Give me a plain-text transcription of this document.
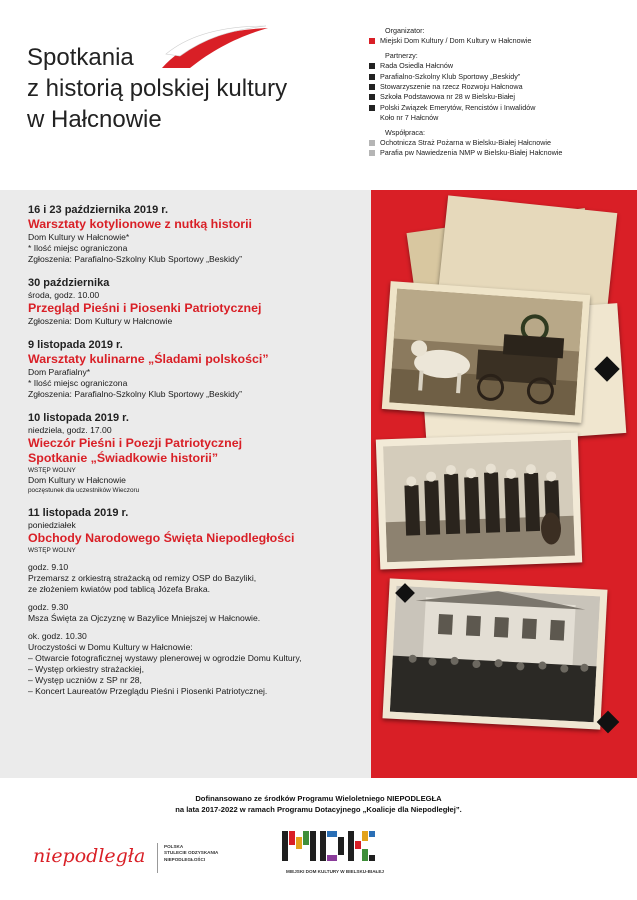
Spotkania
z historią polskiej kultury
w Hałcnowie
Organizator:
Miejski Dom Kultury / Dom Kultury w Hałcnowie
Partnerzy:
Rada Osiedla Hałcnów
Parafialno-Szkolny Klub Sportowy „Beskidy”
Stowarzyszenie na rzecz Rozwoju Hałcnowa
Szkoła Podstawowa nr 28 w Bielsku-Białej
Polski Związek Emerytów, Rencistów i Inwalidów
Koło nr 7 Hałcnów
Współpraca:
Ochotnicza Straż Pożarna w Bielsku-Białej Hałcnowie
Parafia pw Nawiedzenia NMP w Bielsku-Białej Hałcnowie
16 i 23 października 2019 r.
Warsztaty kotylionowe z nutką historii
Dom Kultury w Hałcnowie*
* Ilość miejsc ograniczona
Zgłoszenia: Parafialno-Szkolny Klub Sportowy „Beskidy”
30 października
środa, godz. 10.00
Przegląd Pieśni i Piosenki Patriotycznej
Zgłoszenia: Dom Kultury w Hałcnowie
9 listopada 2019 r.
Warsztaty kulinarne „Śladami polskości”
Dom Parafialny*
* Ilość miejsc ograniczona
Zgłoszenia: Parafialno-Szkolny Klub Sportowy „Beskidy”
10 listopada 2019 r.
niedziela, godz. 17.00
Wieczór Pieśni i Poezji Patriotycznej
Spotkanie „Świadkowie historii”
WSTĘP WOLNY
Dom Kultury w Hałcnowie
poczęstunek dla uczestników Wieczoru
11 listopada 2019 r.
poniedziałek
Obchody Narodowego Święta Niepodległości
WSTĘP WOLNY
godz. 9.10
Przemarsz z orkiestrą strażacką od remizy OSP do Bazyliki,
ze złożeniem kwiatów pod tablicą Józefa Braka.
godz. 9.30
Msza Święta za Ojczyznę w Bazylice Mniejszej w Hałcnowie.
ok. godz. 10.30
Uroczystości w Domu Kultury w Hałcnowie:
– Otwarcie fotograficznej wystawy plenerowej w ogrodzie Domu Kultury,
– Występ orkiestry strażackiej,
– Występ uczniów z SP nr 28,
– Koncert Laureatów Przeglądu Pieśni i Piosenki Patriotycznej.
Dofinansowano ze środków Programu Wieloletniego NIEPODLEGŁA
na lata 2017-2022 w ramach Programu Dotacyjnego „Koalicje dla Niepodległej”.
niepodległa	POLSKA
STULECIE ODZYSKANIA
NIEPODLEGŁOŚCI
MIEJSKI DOM KULTURY W BIELSKU-BIAŁEJ
